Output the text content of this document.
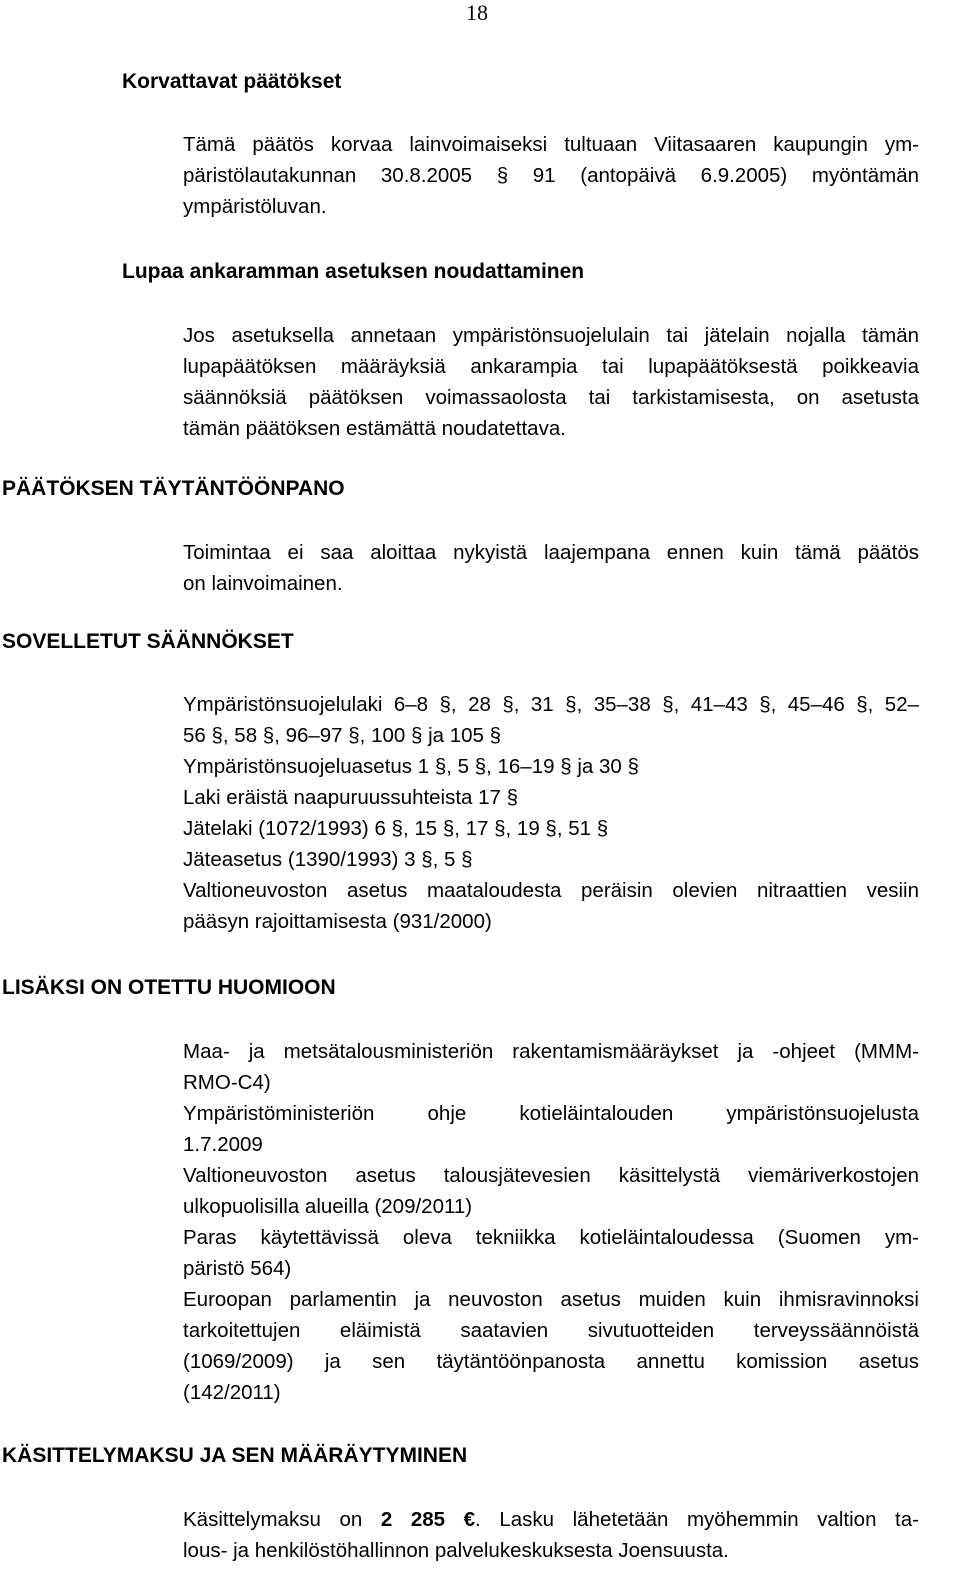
18
Korvattavat päätökset
Tämä päätös korvaa lainvoimaiseksi tultuaan Viitasaaren kaupungin ym-
päristölautakunnan 30.8.2005 § 91 (antopäivä 6.9.2005) myöntämän
ympäristöluvan.
Lupaa ankaramman asetuksen noudattaminen
Jos asetuksella annetaan ympäristönsuojelulain tai jätelain nojalla tämän
lupapäätöksen määräyksiä ankarampia tai lupapäätöksestä poikkeavia
säännöksiä päätöksen voimassaolosta tai tarkistamisesta, on asetusta
tämän päätöksen estämättä noudatettava.
PÄÄTÖKSEN TÄYTÄNTÖÖNPANO
Toimintaa ei saa aloittaa nykyistä laajempana ennen kuin tämä päätös
on lainvoimainen.
SOVELLETUT SÄÄNNÖKSET
Ympäristönsuojelulaki 6–8 §, 28 §, 31 §, 35–38 §, 41–43 §, 45–46 §, 52–
56 §, 58 §, 96–97 §, 100 § ja 105 §
Ympäristönsuojeluasetus 1 §, 5 §, 16–19 § ja 30 §
Laki eräistä naapuruussuhteista 17 §
Jätelaki (1072/1993) 6 §, 15 §, 17 §, 19 §, 51 §
Jäteasetus (1390/1993) 3 §, 5 §
Valtioneuvoston asetus maataloudesta peräisin olevien nitraattien vesiin
pääsyn rajoittamisesta (931/2000)
LISÄKSI ON OTETTU HUOMIOON
Maa- ja metsätalousministeriön rakentamismääräykset ja -ohjeet (MMM-
RMO-C4)
Ympäristöministeriön ohje kotieläintalouden ympäristönsuojelusta
1.7.2009
Valtioneuvoston asetus talousjätevesien käsittelystä viemäriverkostojen
ulkopuolisilla alueilla (209/2011)
Paras käytettävissä oleva tekniikka kotieläintaloudessa (Suomen ym-
päristö 564)
Euroopan parlamentin ja neuvoston asetus muiden kuin ihmisravinnoksi
tarkoitettujen eläimistä saatavien sivutuotteiden terveyssäännöistä
(1069/2009) ja sen täytäntöönpanosta annettu komission asetus
(142/2011)
KÄSITTELYMAKSU JA SEN MÄÄRÄYTYMINEN
Käsittelymaksu on 2 285 €. Lasku lähetetään myöhemmin valtion ta-
lous- ja henkilöstöhallinnon palvelukeskuksesta Joensuusta.
